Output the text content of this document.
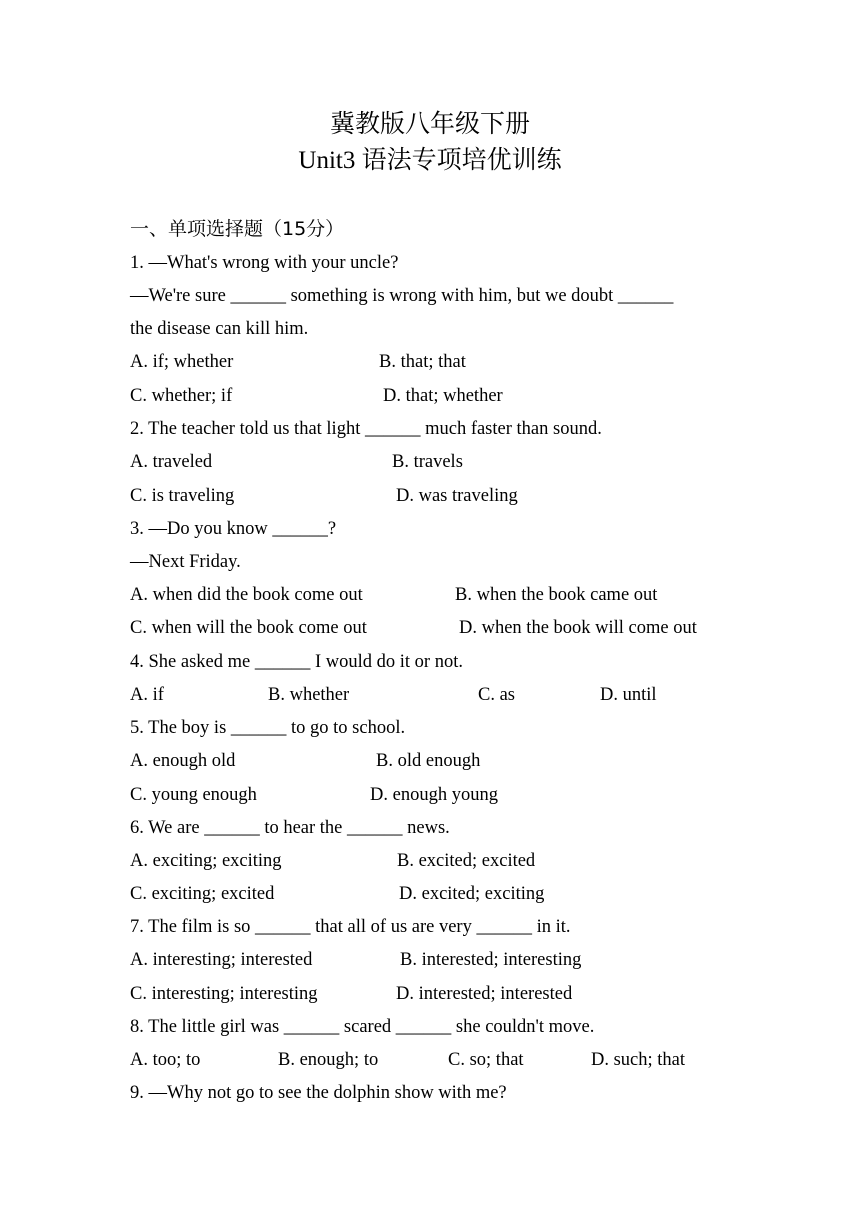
冀教版八年级下册
Unit3 语法专项培优训练
一、单项选择题（15分）
1. —What's wrong with your uncle?
—We're sure ______ something is wrong with him, but we doubt ______
the disease can kill him.
A. if; whether	B. that; that
C. whether; if	D. that; whether
2. The teacher told us that light ______ much faster than sound.
A. traveled	B. travels
C. is traveling	D. was traveling
3. —Do you know ______?
—Next Friday.
A. when did the book come out	B. when the book came out
C. when will the book come out	D. when the book will come out
4. She asked me ______ I would do it or not.
A. if	B. whether	C. as	D. until
5. The boy is ______ to go to school.
A. enough old	B. old enough
C. young enough	D. enough young
6. We are ______ to hear the ______ news.
A. exciting; exciting	B. excited; excited
C. exciting; excited	D. excited; exciting
7. The film is so ______ that all of us are very ______ in it.
A. interesting; interested	B. interested; interesting
C. interesting; interesting	D. interested; interested
8. The little girl was ______ scared ______ she couldn't move.
A. too; to	B. enough; to	C. so; that	D. such; that
9. —Why not go to see the dolphin show with me?
